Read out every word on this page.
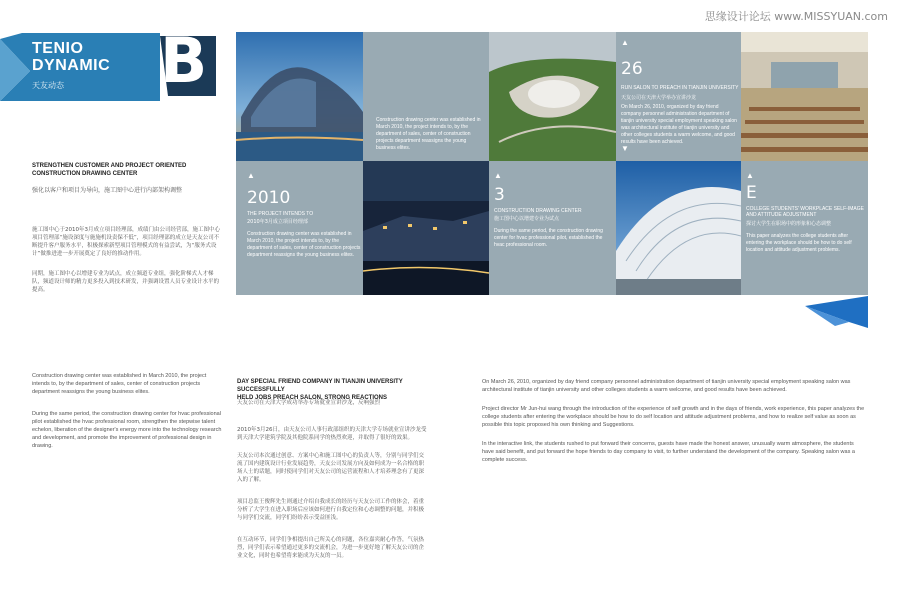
思缘设计论坛 www.MISSYUAN.com
TENIO
DYNAMIC
天友动态 B
STRENGTHEN CUSTOMER AND PROJECT ORIENTED
CONSTRUCTION DRAWING CENTER
强化以客户和项目为导向，施工图中心进行内部架构调整
施工图中心于2010年3月成立项目经理部，成绩门由公司经营部，施工图中心项目管理部“施设深度与施施机设责保不低”，项目经理部的成立是天友公司不断提升客户服务水平，积极探索新型项目管理模式的有益尝试，为“服务式设计”做推进进一步开展奠定了良好的推动作用。
同期，施工图中心以增建专业为试点，成立频道专业组，强化阶梯式人才梯队，频道设计师的精力更多投入到技术研发，并强调设置人员专业设计水平的提高。
Construction drawing center was established in March 2010, the project intends to, by the department of sales, center of construction projects department reassigns the young business elites.
▲
26
RUN SALON TO PREACH IN TIANJIN UNIVERSITY
天友公司在天津大学举办宣讲沙龙
On March 26, 2010, organized by day friend company personnel administration department of tianjin university special employment speaking salon was architectural institute of tianjin university and other colleges students a warm welcome, and good results have been achieved.
▼
▲
2010
THE PROJECT INTENDS TO
2010年3月成立项目经理部
Construction drawing center was established in March 2010, the project intends to, by the department of sales, center of construction projects department reassigns the young business elites.
▲
3
CONSTRUCTION DRAWING CENTER
施工图中心以增建专业为试点
During the same period, the construction drawing center for hvac professional pilot, established the hvac professional room.
▲
E
COLLEGE STUDENTS' WORKPLACE SELF-IMAGE
AND ATTITUDE ADJUSTMENT
探讨大学生在职场中的形象和心态调整
This paper analyzes the college students after entering the workplace should be how to do self location and attitude adjustment problems.
Construction drawing center was established in March 2010, the project intends to, by the department of sales, center of construction projects department reassigns the young business elites.
During the same period, the construction drawing center for hvac professional pilot established the hvac professional room, strengthen the stepwise talent echelon, liberation of the designer's energy more into the technology research and development, and promote the improvement of professional design in drawing.
DAY SPECIAL FRIEND COMPANY IN TIANJIN UNIVERSITY SUCCESSFULLY
HELD JOBS PREACH SALON, STRONG REACTIONS
天友公司在天津大学成功举办专场就业宣讲沙龙，反响强烈
2010年3月26日，由天友公司人事行政部组织的天津大学专场就业宣讲沙龙受到天津大学建筑学院及其他院系同学的热烈欢迎，并取得了很好的效果。
天友公司本次通过创意、方案中心和施工图中心的负责人等，分别与同学们交流了国内建筑设计行业发展趋势，天友公司发展方向及如何成为一名合格的职场人士的话题，同时使同学们对天友公司的运营流程和人才培养理念有了更深入的了解。
项目总监王俊辉先生则通过介绍自我成长的经历与天友公司工作的体会，着重分析了大学生在进入职场后应该如何进行自我定位和心态调整的问题，并积极与同学们交流，同学们纷纷表示受益匪浅。
在互动环节，同学们争相提出自己所关心的问题，各位嘉宾耐心作答，气氛热烈，同学们表示希望通过更多的交流机会，为进一步更好地了解天友公司的企业文化，同时也希望将来能成为天友的一员。
On March 26, 2010, organized by day friend company personnel administration department of tianjin university special employment speaking salon was architectural institute of tianjin university and other colleges students a warm welcome, and good results have been achieved.
Project director Mr Jun-hui wang through the introduction of the experience of self growth and in the days of friends, work experience, this paper analyzes the college students after entering the workplace should be how to do self location and attitude adjustment problems, and how to realize self value as soon as possible this topic proposed his own thinking and Suggestions.
In the interactive link, the students rushed to put forward their concerns, guests have made the honest answer, unusually warm atmosphere, the students have said benefit, and put forward the hope friends to day company to visit, to further understand the development of the company. Speaking salon was a complete success.
